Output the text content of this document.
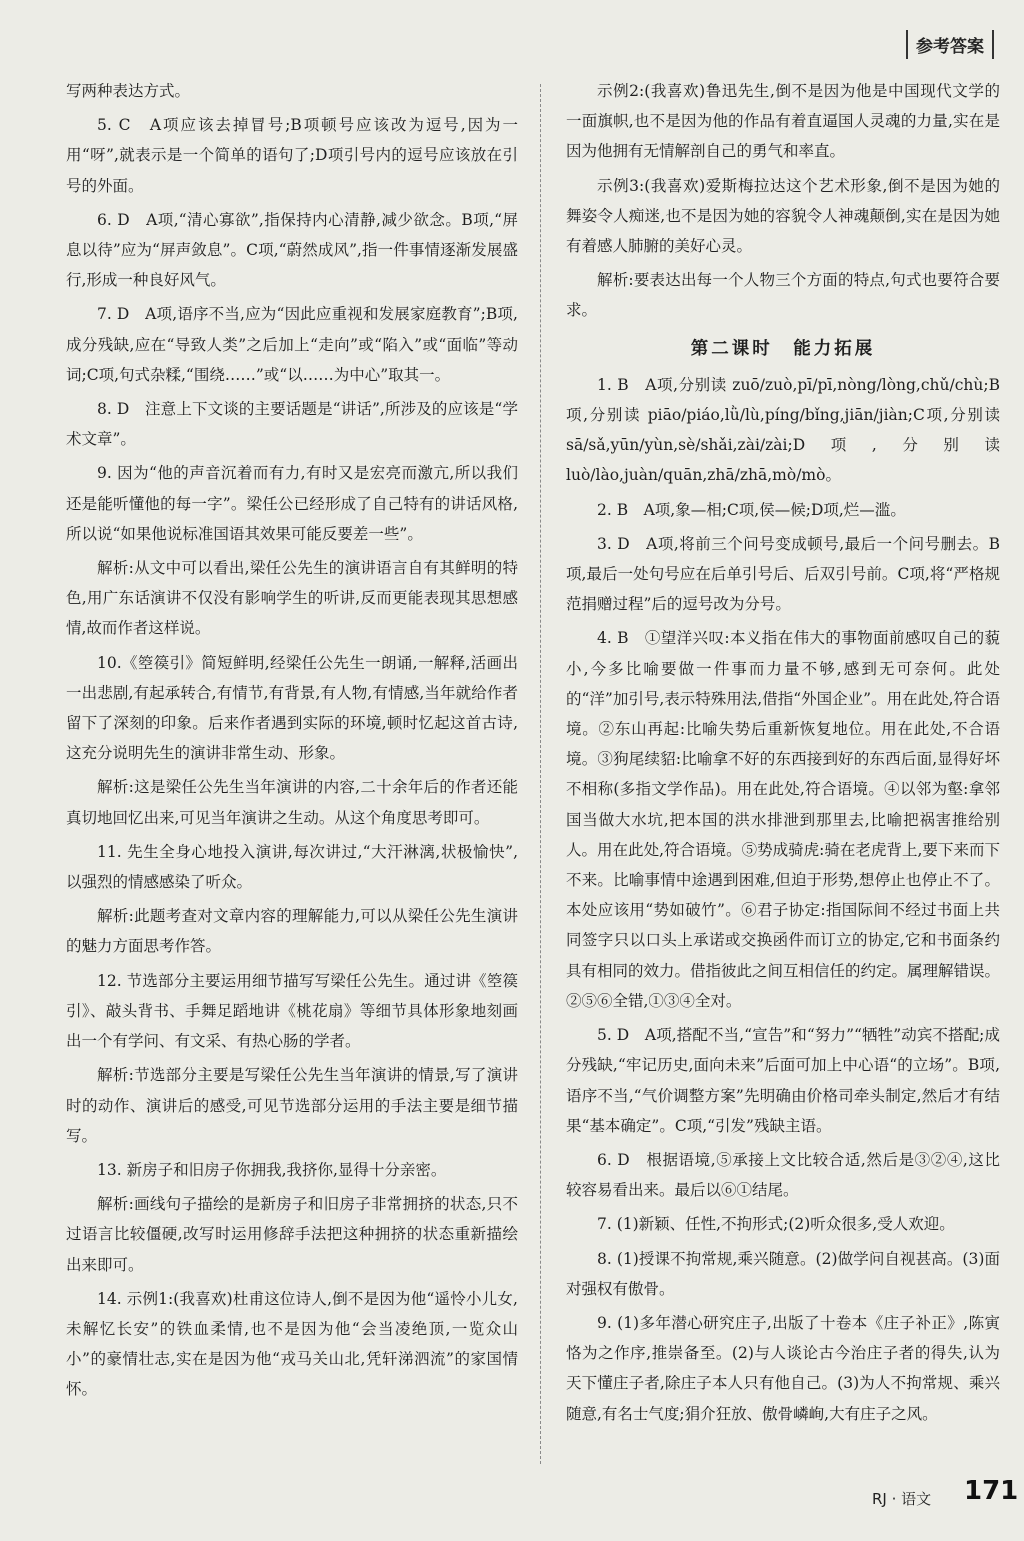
参考答案

写两种表达方式。

5. C　A项应该去掉冒号;B项顿号应该改为逗号,因为一用“呀”,就表示是一个简单的语句了;D项引号内的逗号应该放在引号的外面。

6. D　A项,“清心寡欲”,指保持内心清静,减少欲念。B项,“屏息以待”应为“屏声敛息”。C项,“蔚然成风”,指一件事情逐渐发展盛行,形成一种良好风气。

7. D　A项,语序不当,应为“因此应重视和发展家庭教育”;B项,成分残缺,应在“导致人类”之后加上“走向”或“陷入”或“面临”等动词;C项,句式杂糅,“围绕……”或“以……为中心”取其一。

8. D　注意上下文谈的主要话题是“讲话”,所涉及的应该是“学术文章”。

9. 因为“他的声音沉着而有力,有时又是宏亮而激亢,所以我们还是能听懂他的每一字”。梁任公已经形成了自己特有的讲话风格,所以说“如果他说标准国语其效果可能反要差一些”。

解析:从文中可以看出,梁任公先生的演讲语言自有其鲜明的特色,用广东话演讲不仅没有影响学生的听讲,反而更能表现其思想感情,故而作者这样说。

10.《箜篌引》简短鲜明,经梁任公先生一朗诵,一解释,活画出一出悲剧,有起承转合,有情节,有背景,有人物,有情感,当年就给作者留下了深刻的印象。后来作者遇到实际的环境,顿时忆起这首古诗,这充分说明先生的演讲非常生动、形象。

解析:这是梁任公先生当年演讲的内容,二十余年后的作者还能真切地回忆出来,可见当年演讲之生动。从这个角度思考即可。

11. 先生全身心地投入演讲,每次讲过,“大汗淋漓,状极愉快”,以强烈的情感感染了听众。

解析:此题考查对文章内容的理解能力,可以从梁任公先生演讲的魅力方面思考作答。

12. 节选部分主要运用细节描写写梁任公先生。通过讲《箜篌引》、敲头背书、手舞足蹈地讲《桃花扇》等细节具体形象地刻画出一个有学问、有文采、有热心肠的学者。

解析:节选部分主要是写梁任公先生当年演讲的情景,写了演讲时的动作、演讲后的感受,可见节选部分运用的手法主要是细节描写。

13. 新房子和旧房子你拥我,我挤你,显得十分亲密。

解析:画线句子描绘的是新房子和旧房子非常拥挤的状态,只不过语言比较僵硬,改写时运用修辞手法把这种拥挤的状态重新描绘出来即可。

14. 示例1:(我喜欢)杜甫这位诗人,倒不是因为他“遥怜小儿女,未解忆长安”的铁血柔情,也不是因为他“会当凌绝顶,一览众山小”的豪情壮志,实在是因为他“戎马关山北,凭轩涕泗流”的家国情怀。

示例2:(我喜欢)鲁迅先生,倒不是因为他是中国现代文学的一面旗帜,也不是因为他的作品有着直逼国人灵魂的力量,实在是因为他拥有无情解剖自己的勇气和率直。

示例3:(我喜欢)爱斯梅拉达这个艺术形象,倒不是因为她的舞姿令人痴迷,也不是因为她的容貌令人神魂颠倒,实在是因为她有着感人肺腑的美好心灵。

解析:要表达出每一个人物三个方面的特点,句式也要符合要求。

第二课时　能力拓展

1. B　A项,分别读 zuō/zuò,pī/pī,nòng/lòng,chǔ/chù;B项,分别读 piāo/piáo,lǜ/lù,píng/bǐng,jiān/jiàn;C项,分别读 sā/sǎ,yūn/yùn,sè/shǎi,zài/zài;D项,分别读 luò/lào,juàn/quān,zhā/zhā,mò/mò。

2. B　A项,象—相;C项,侯—候;D项,烂—滥。

3. D　A项,将前三个问号变成顿号,最后一个问号删去。B项,最后一处句号应在后单引号后、后双引号前。C项,将“严格规范捐赠过程”后的逗号改为分号。

4. B　①望洋兴叹:本义指在伟大的事物面前感叹自己的藐小,今多比喻要做一件事而力量不够,感到无可奈何。此处的“洋”加引号,表示特殊用法,借指“外国企业”。用在此处,符合语境。②东山再起:比喻失势后重新恢复地位。用在此处,不合语境。③狗尾续貂:比喻拿不好的东西接到好的东西后面,显得好坏不相称(多指文学作品)。用在此处,符合语境。④以邻为壑:拿邻国当做大水坑,把本国的洪水排泄到那里去,比喻把祸害推给别人。用在此处,符合语境。⑤势成骑虎:骑在老虎背上,要下来而下不来。比喻事情中途遇到困难,但迫于形势,想停止也停止不了。本处应该用“势如破竹”。⑥君子协定:指国际间不经过书面上共同签字只以口头上承诺或交换函件而订立的协定,它和书面条约具有相同的效力。借指彼此之间互相信任的约定。属理解错误。②⑤⑥全错,①③④全对。

5. D　A项,搭配不当,“宣告”和“努力”“牺牲”动宾不搭配;成分残缺,“牢记历史,面向未来”后面可加上中心语“的立场”。B项,语序不当,“气价调整方案”先明确由价格司牵头制定,然后才有结果“基本确定”。C项,“引发”残缺主语。

6. D　根据语境,⑤承接上文比较合适,然后是③②④,这比较容易看出来。最后以⑥①结尾。

7. (1)新颖、任性,不拘形式;(2)听众很多,受人欢迎。

8. (1)授课不拘常规,乘兴随意。(2)做学问自视甚高。(3)面对强权有傲骨。

9. (1)多年潜心研究庄子,出版了十卷本《庄子补正》,陈寅恪为之作序,推崇备至。(2)与人谈论古今治庄子者的得失,认为天下懂庄子者,除庄子本人只有他自己。(3)为人不拘常规、乘兴随意,有名士气度;狷介狂放、傲骨嶙峋,大有庄子之风。

RJ · 语文 171
